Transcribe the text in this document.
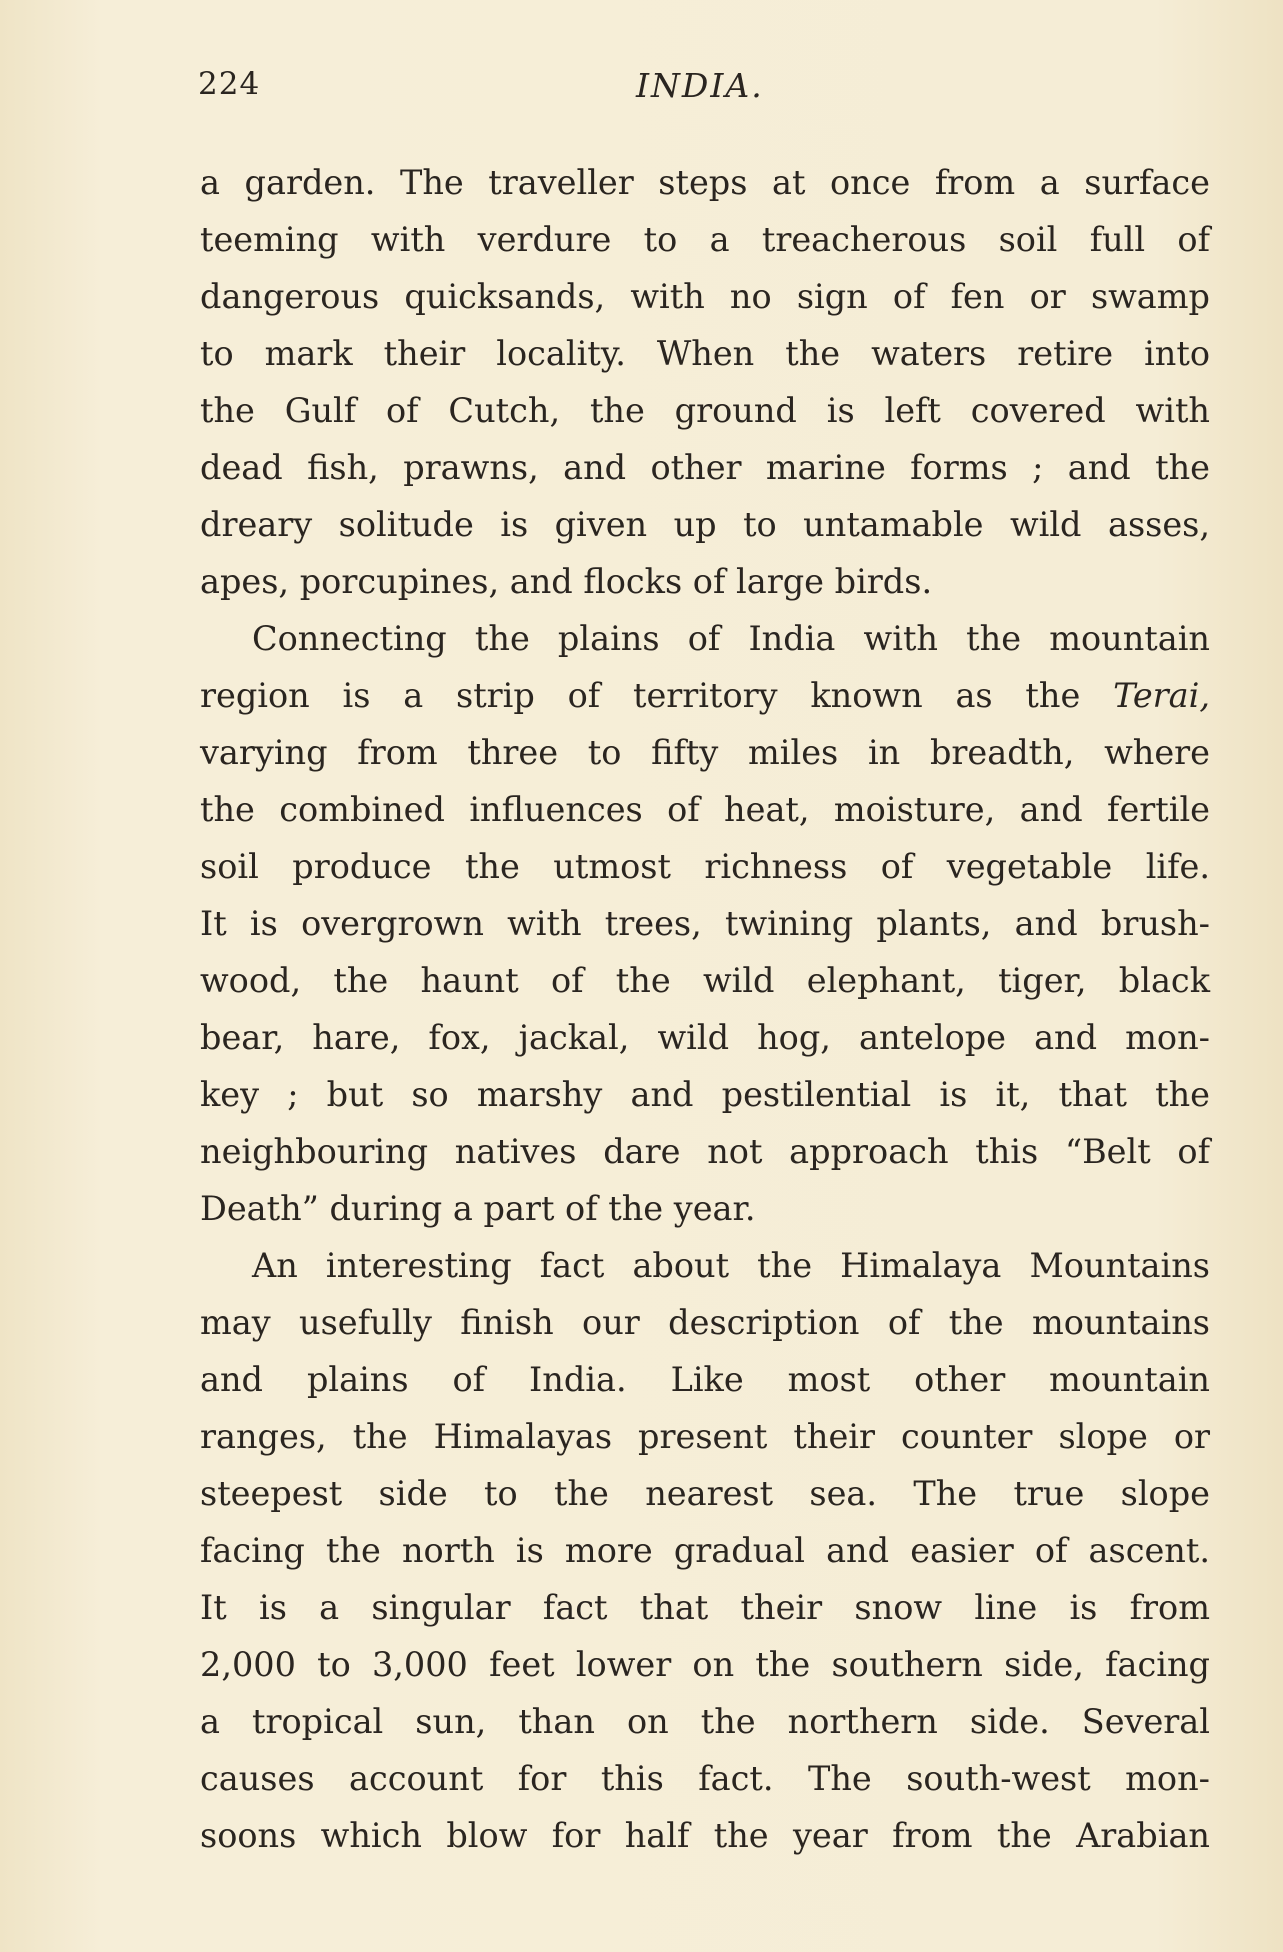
224	INDIA.
a garden. The traveller steps at once from a surface
teeming with verdure to a treacherous soil full of
dangerous quicksands, with no sign of fen or swamp
to mark their locality. When the waters retire into
the Gulf of Cutch, the ground is left covered with
dead fish, prawns, and other marine forms ; and the
dreary solitude is given up to untamable wild asses,
apes, porcupines, and flocks of large birds.
Connecting the plains of India with the mountain
region is a strip of territory known as the Terai,
varying from three to fifty miles in breadth, where
the combined influences of heat, moisture, and fertile
soil produce the utmost richness of vegetable life.
It is overgrown with trees, twining plants, and brush-
wood, the haunt of the wild elephant, tiger, black
bear, hare, fox, jackal, wild hog, antelope and mon-
key ; but so marshy and pestilential is it, that the
neighbouring natives dare not approach this “Belt of
Death” during a part of the year.
An interesting fact about the Himalaya Mountains
may usefully finish our description of the mountains
and plains of India. Like most other mountain
ranges, the Himalayas present their counter slope or
steepest side to the nearest sea. The true slope
facing the north is more gradual and easier of ascent.
It is a singular fact that their snow line is from
2,000 to 3,000 feet lower on the southern side, facing
a tropical sun, than on the northern side. Several
causes account for this fact. The south-west mon-
soons which blow for half the year from the Arabian
